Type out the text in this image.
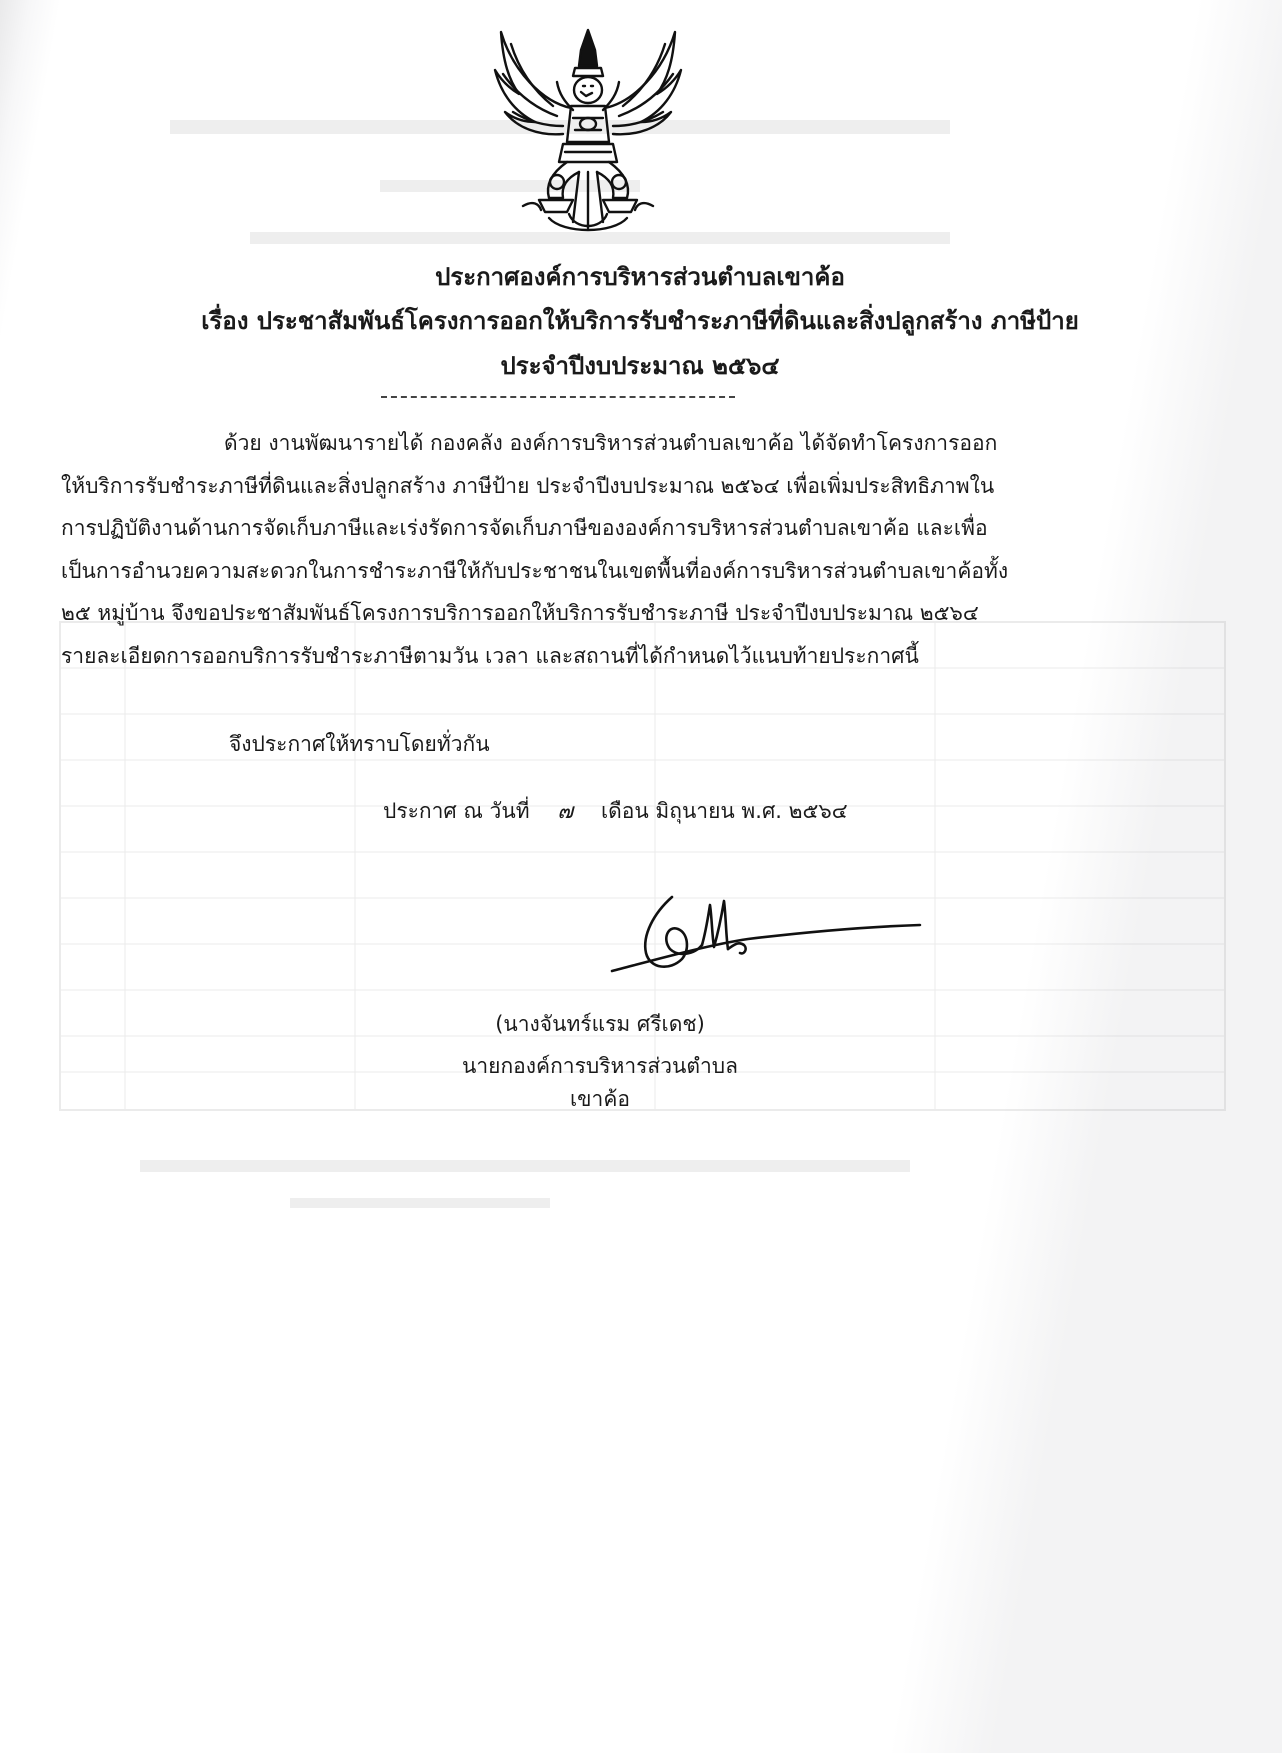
ประกาศองค์การบริหารส่วนตำบลเขาค้อ
เรื่อง ประชาสัมพันธ์โครงการออกให้บริการรับชำระภาษีที่ดินและสิ่งปลูกสร้าง ภาษีป้าย
ประจำปีงบประมาณ ๒๕๖๔
ด้วย งานพัฒนารายได้ กองคลัง องค์การบริหารส่วนตำบลเขาค้อ ได้จัดทำโครงการออก
ให้บริการรับชำระภาษีที่ดินและสิ่งปลูกสร้าง ภาษีป้าย ประจำปีงบประมาณ ๒๕๖๔ เพื่อเพิ่มประสิทธิภาพใน
การปฏิบัติงานด้านการจัดเก็บภาษีและเร่งรัดการจัดเก็บภาษีขององค์การบริหารส่วนตำบลเขาค้อ และเพื่อ
เป็นการอำนวยความสะดวกในการชำระภาษีให้กับประชาชนในเขตพื้นที่องค์การบริหารส่วนตำบลเขาค้อทั้ง
๒๕ หมู่บ้าน จึงขอประชาสัมพันธ์โครงการบริการออกให้บริการรับชำระภาษี ประจำปีงบประมาณ ๒๕๖๔
รายละเอียดการออกบริการรับชำระภาษีตามวัน เวลา และสถานที่ได้กำหนดไว้แนบท้ายประกาศนี้
จึงประกาศให้ทราบโดยทั่วกัน
ประกาศ ณ วันที่ ๗ เดือน มิถุนายน พ.ศ. ๒๕๖๔
(นางจันทร์แรม ศรีเดช)
นายกองค์การบริหารส่วนตำบลเขาค้อ
